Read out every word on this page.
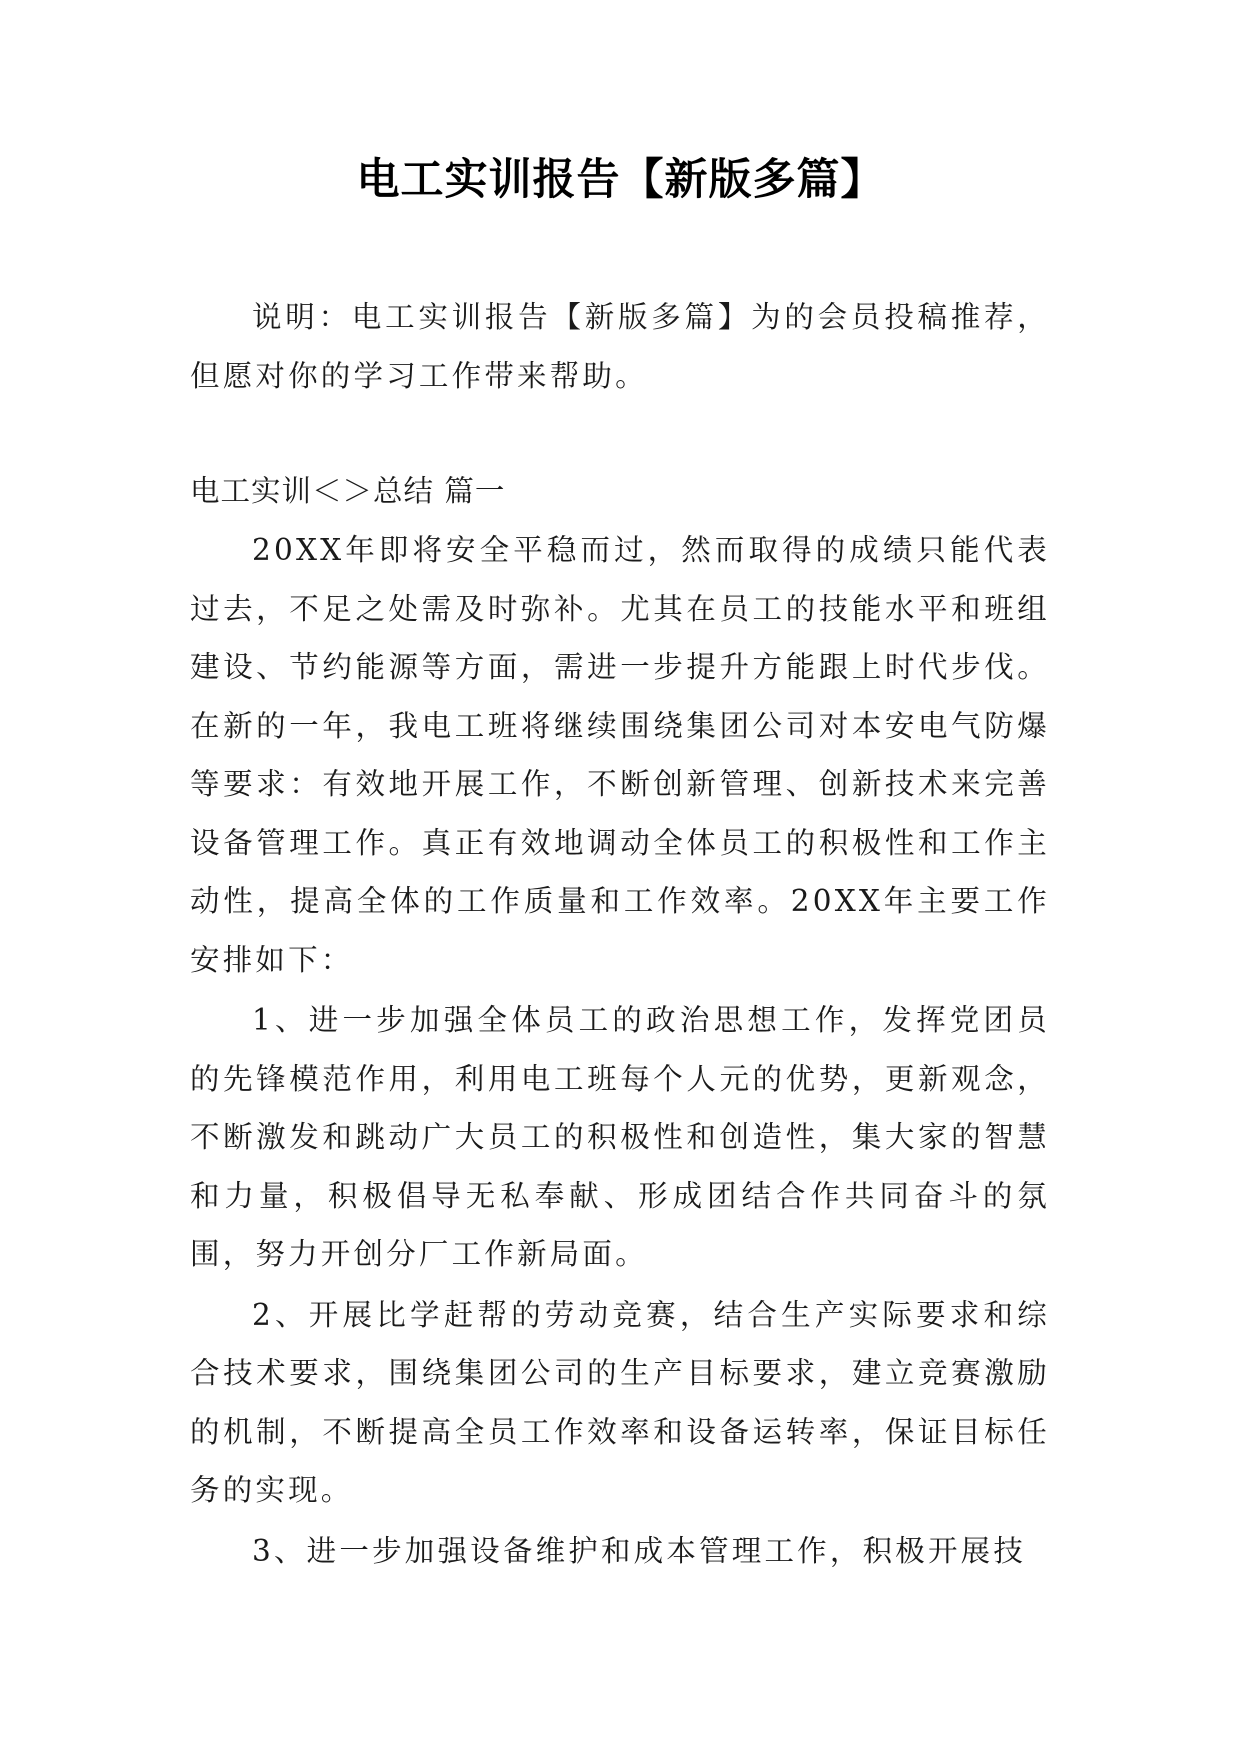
电工实训报告【新版多篇】

说明：电工实训报告【新版多篇】为的会员投稿推荐，但愿对你的学习工作带来帮助。

电工实训＜＞总结 篇一

20XX年即将安全平稳而过，然而取得的成绩只能代表过去，不足之处需及时弥补。尤其在员工的技能水平和班组建设、节约能源等方面，需进一步提升方能跟上时代步伐。在新的一年，我电工班将继续围绕集团公司对本安电气防爆等要求：有效地开展工作，不断创新管理、创新技术来完善设备管理工作。真正有效地调动全体员工的积极性和工作主动性，提高全体的工作质量和工作效率。20XX年主要工作安排如下：

1、进一步加强全体员工的政治思想工作，发挥党团员的先锋模范作用，利用电工班每个人元的优势，更新观念，不断激发和跳动广大员工的积极性和创造性，集大家的智慧和力量，积极倡导无私奉献、形成团结合作共同奋斗的氛围，努力开创分厂工作新局面。

2、开展比学赶帮的劳动竞赛，结合生产实际要求和综合技术要求，围绕集团公司的生产目标要求，建立竞赛激励的机制，不断提高全员工作效率和设备运转率，保证目标任务的实现。

3、进一步加强设备维护和成本管理工作，积极开展技
